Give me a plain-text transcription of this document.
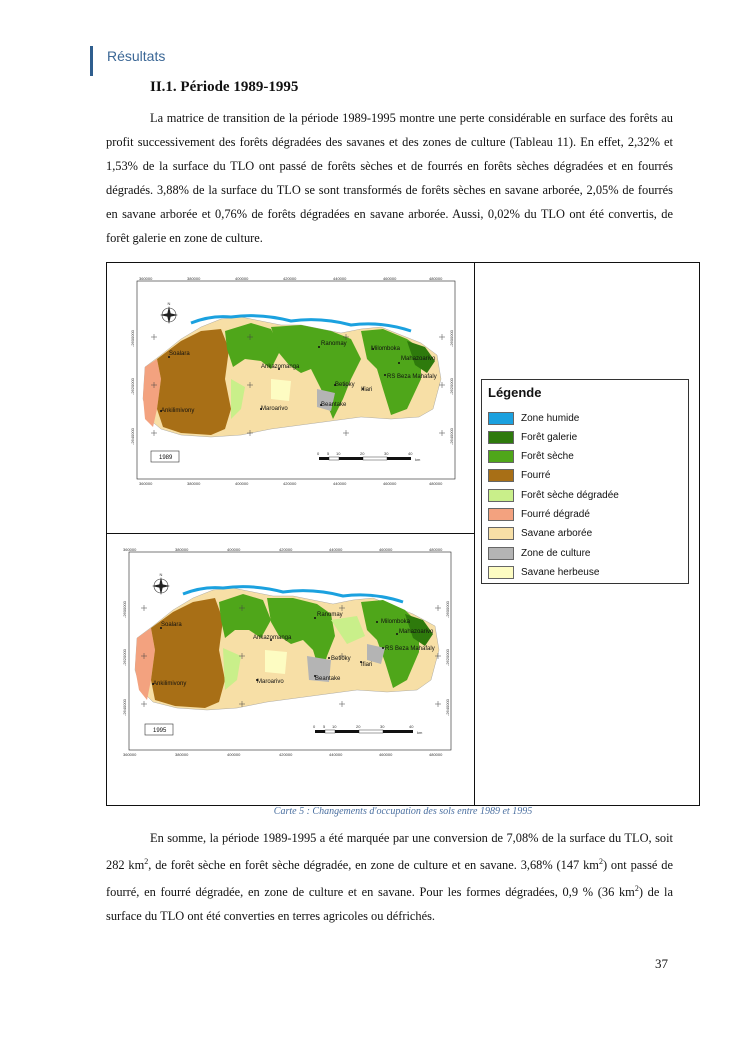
Résultats
II.1. Période 1989-1995
La matrice de transition de la période 1989-1995 montre une perte considérable en surface des forêts au profit successivement des forêts dégradées des savanes et des zones de culture (Tableau 11). En effet, 2,32% et 1,53% de la surface du TLO ont passé de forêts sèches et de fourrés en forêts sèches dégradées et en fourrés dégradés. 3,88% de la surface du TLO se sont transformés de forêts sèches en savane arborée, 2,05% de fourrés en savane arborée et 0,76% de forêts dégradées en savane arborée. Aussi, 0,02% du TLO ont été convertis, de forêt galerie en zone de culture.
360000	380000	400000	420000	440000	460000	480000
360000	380000	400000	420000	440000	460000	480000
-2600000
-2620000
-2640000
-2600000
-2620000
-2640000
N
Soalara
Ranomay
Milomboka
Mahazoarivo
Ankazomanga
RS Beza Mahafaly
Betioky
Ifiari
Beantake
Maroarivo
Ankilimivony
1989
0 5 10	20	30	40
km
360000	380000	400000	420000	440000	460000	480000
360000	380000	400000	420000	440000	460000	480000
-2600000
-2620000
-2640000
-2600000
-2620000
-2640000
N
Soalara
Ranomay
Milomboka
Mahazoarivo
Ankazomanga
RS Beza Mahafaly
Betioky
Ifiari
Beantake
Maroarivo
Ankilimivony
1995
0 5 10	20	30	40
km
Légende
Zone humide
Forêt galerie
Forêt sèche
Fourré
Forêt sèche dégradée
Fourré dégradé
Savane arborée
Zone de culture
Savane herbeuse
Carte 5 : Changements d'occupation des sols entre 1989 et 1995
En somme, la période 1989-1995 a été marquée par une conversion de 7,08% de la surface du TLO, soit 282 $km^2$, de forêt sèche en forêt sèche dégradée, en zone de culture et en savane. 3,68% (147 $km^2$) ont passé de fourré, en fourré dégradée, en zone de culture et en savane. Pour les formes dégradées, 0,9 % (36 $km^2$) de la surface du TLO ont été converties en terres agricoles ou défrichés.
37
